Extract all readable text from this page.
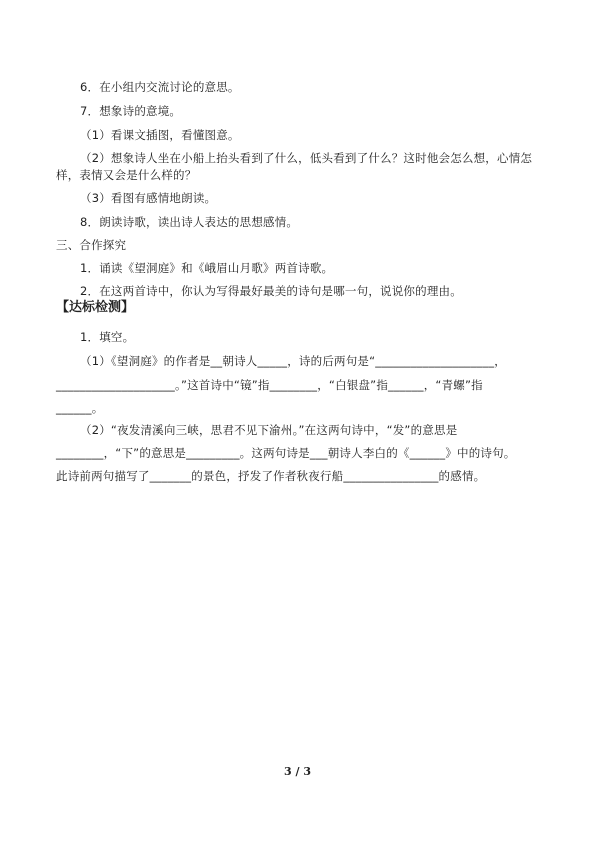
6．在小组内交流讨论的意思。
7．想象诗的意境。
（1）看课文插图，看懂图意。
（2）想象诗人坐在小船上抬头看到了什么，低头看到了什么？这时他会怎么想，心情怎
样，表情又会是什么样的？
（3）看图有感情地朗读。
8．朗读诗歌，读出诗人表达的思想感情。
三、合作探究
1．诵读《望洞庭》和《峨眉山月歌》两首诗歌。
2．在这两首诗中，你认为写得最好最美的诗句是哪一句，说说你的理由。
【达标检测】
1．填空。
（1）《望洞庭》的作者是__朝诗人_____，诗的后两句是“____________________，
____________________。”这首诗中“镜”指________，“白银盘”指______，“青螺”指
______。
（2）“夜发清溪向三峡，思君不见下渝州。”在这两句诗中，“发”的意思是
________，“下”的意思是_________。这两句诗是___朝诗人李白的《______》中的诗句。
此诗前两句描写了_______的景色，抒发了作者秋夜行船________________的感情。
3 / 3
